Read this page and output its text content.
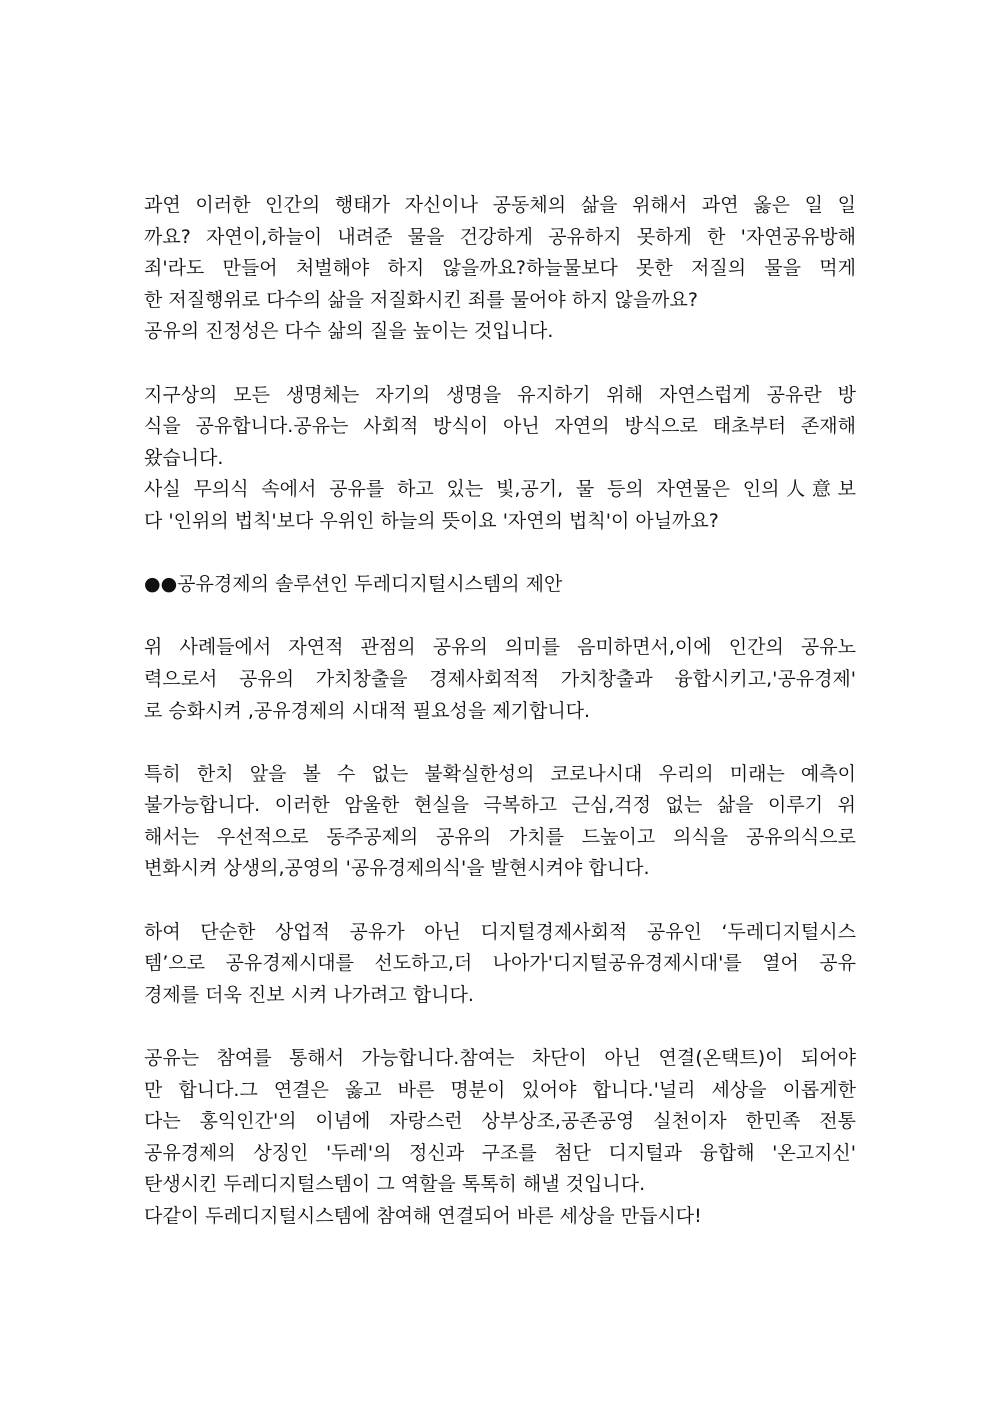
과연 이러한 인간의 행태가 자신이나 공동체의 삶을 위해서 과연 옳은 일 일
까요? 자연이,하늘이 내려준 물을 건강하게 공유하지 못하게 한 '자연공유방해
죄'라도 만들어 처벌해야 하지 않을까요?하늘물보다 못한 저질의 물을 먹게
한 저질행위로 다수의 삶을 저질화시킨 죄를 물어야 하지 않을까요?
공유의 진정성은 다수 삶의 질을 높이는 것입니다.
지구상의 모든 생명체는 자기의 생명을 유지하기 위해 자연스럽게 공유란 방
식을 공유합니다.공유는 사회적 방식이 아닌 자연의 방식으로 태초부터 존재해
왔습니다.
사실 무의식 속에서 공유를 하고 있는 빛,공기, 물 등의 자연물은 인의人意보
다 '인위의 법칙'보다 우위인 하늘의 뜻이요 '자연의 법칙'이 아닐까요?
●●공유경제의 솔루션인 두레디지털시스템의 제안
위 사례들에서 자연적 관점의 공유의 의미를 음미하면서,이에 인간의 공유노
력으로서 공유의 가치창출을 경제사회적적 가치창출과 융합시키고,'공유경제'
로 승화시켜 ,공유경제의 시대적 필요성을 제기합니다.
특히 한치 앞을 볼 수 없는 불확실한성의 코로나시대 우리의 미래는 예측이
불가능합니다. 이러한 암울한 현실을 극복하고 근심,걱정 없는 삶을 이루기 위
해서는 우선적으로 동주공제의 공유의 가치를 드높이고 의식을 공유의식으로
변화시켜 상생의,공영의 '공유경제의식'을 발현시켜야 합니다.
하여 단순한 상업적 공유가 아닌 디지털경제사회적 공유인 ‘두레디지털시스
템’으로 공유경제시대를 선도하고,더 나아가'디지털공유경제시대'를 열어 공유
경제를 더욱 진보 시켜 나가려고 합니다.
공유는 참여를 통해서 가능합니다.참여는 차단이 아닌 연결(온택트)이 되어야
만 합니다.그 연결은 옳고 바른 명분이 있어야 합니다.'널리 세상을 이롭게한
다는 홍익인간'의 이념에 자랑스런 상부상조,공존공영 실천이자 한민족 전통
공유경제의 상징인 '두레'의 정신과 구조를 첨단 디지털과 융합해 '온고지신'
탄생시킨 두레디지털스템이 그 역할을 톡톡히 해낼 것입니다.
다같이 두레디지털시스템에 참여해 연결되어 바른 세상을 만듭시다!
